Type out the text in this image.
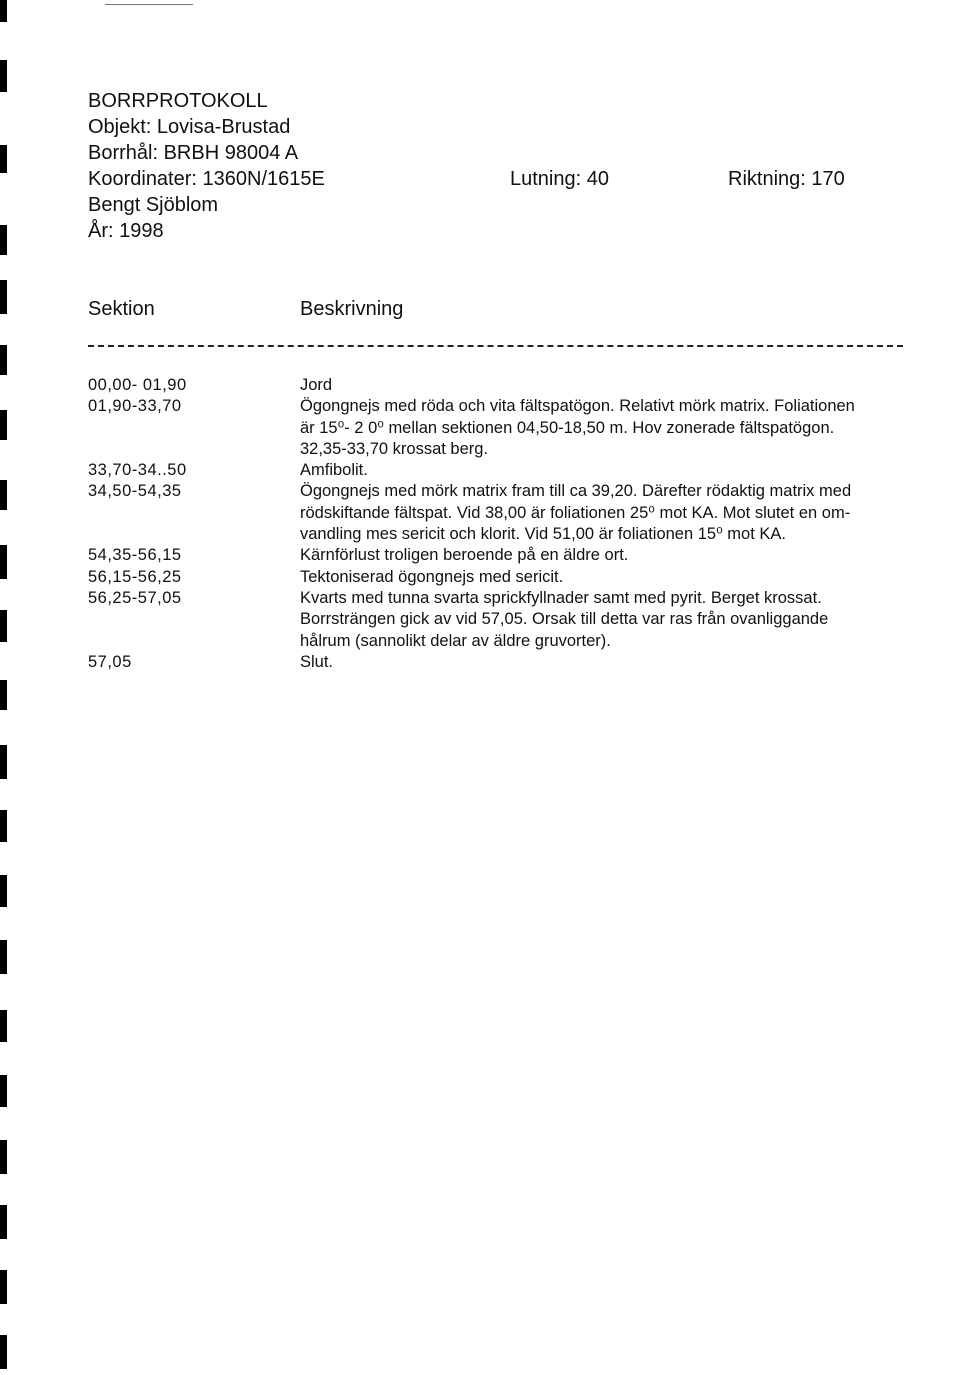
BORRPROTOKOLL
Objekt: Lovisa-Brustad
Borrhål: BRBH 98004 A
Koordinater: 1360N/1615E	Lutning: 40	Riktning: 170
Bengt Sjöblom
År: 1998
Sektion	Beskrivning
00,00- 01,90	Jord
01,90-33,70	Ögongnejs med röda och vita fältspatögon. Relativt mörk matrix. Foliationen
är 15⁰- 2 0⁰ mellan sektionen 04,50-18,50 m. Hov zonerade fältspatögon.
32,35-33,70 krossat berg.
33,70-34..50	Amfibolit.
34,50-54,35	Ögongnejs med mörk matrix fram till ca 39,20. Därefter rödaktig matrix med
rödskiftande fältspat. Vid 38,00 är foliationen 25⁰ mot KA. Mot slutet en om-
vandling mes sericit och klorit. Vid 51,00 är foliationen 15⁰ mot KA.
54,35-56,15	Kärnförlust troligen beroende på en äldre ort.
56,15-56,25	Tektoniserad ögongnejs med sericit.
56,25-57,05	Kvarts med tunna svarta sprickfyllnader samt med pyrit. Berget krossat.
Borrsträngen gick av vid 57,05. Orsak till detta var ras från ovanliggande
hålrum (sannolikt delar av äldre gruvorter).
57,05	Slut.
